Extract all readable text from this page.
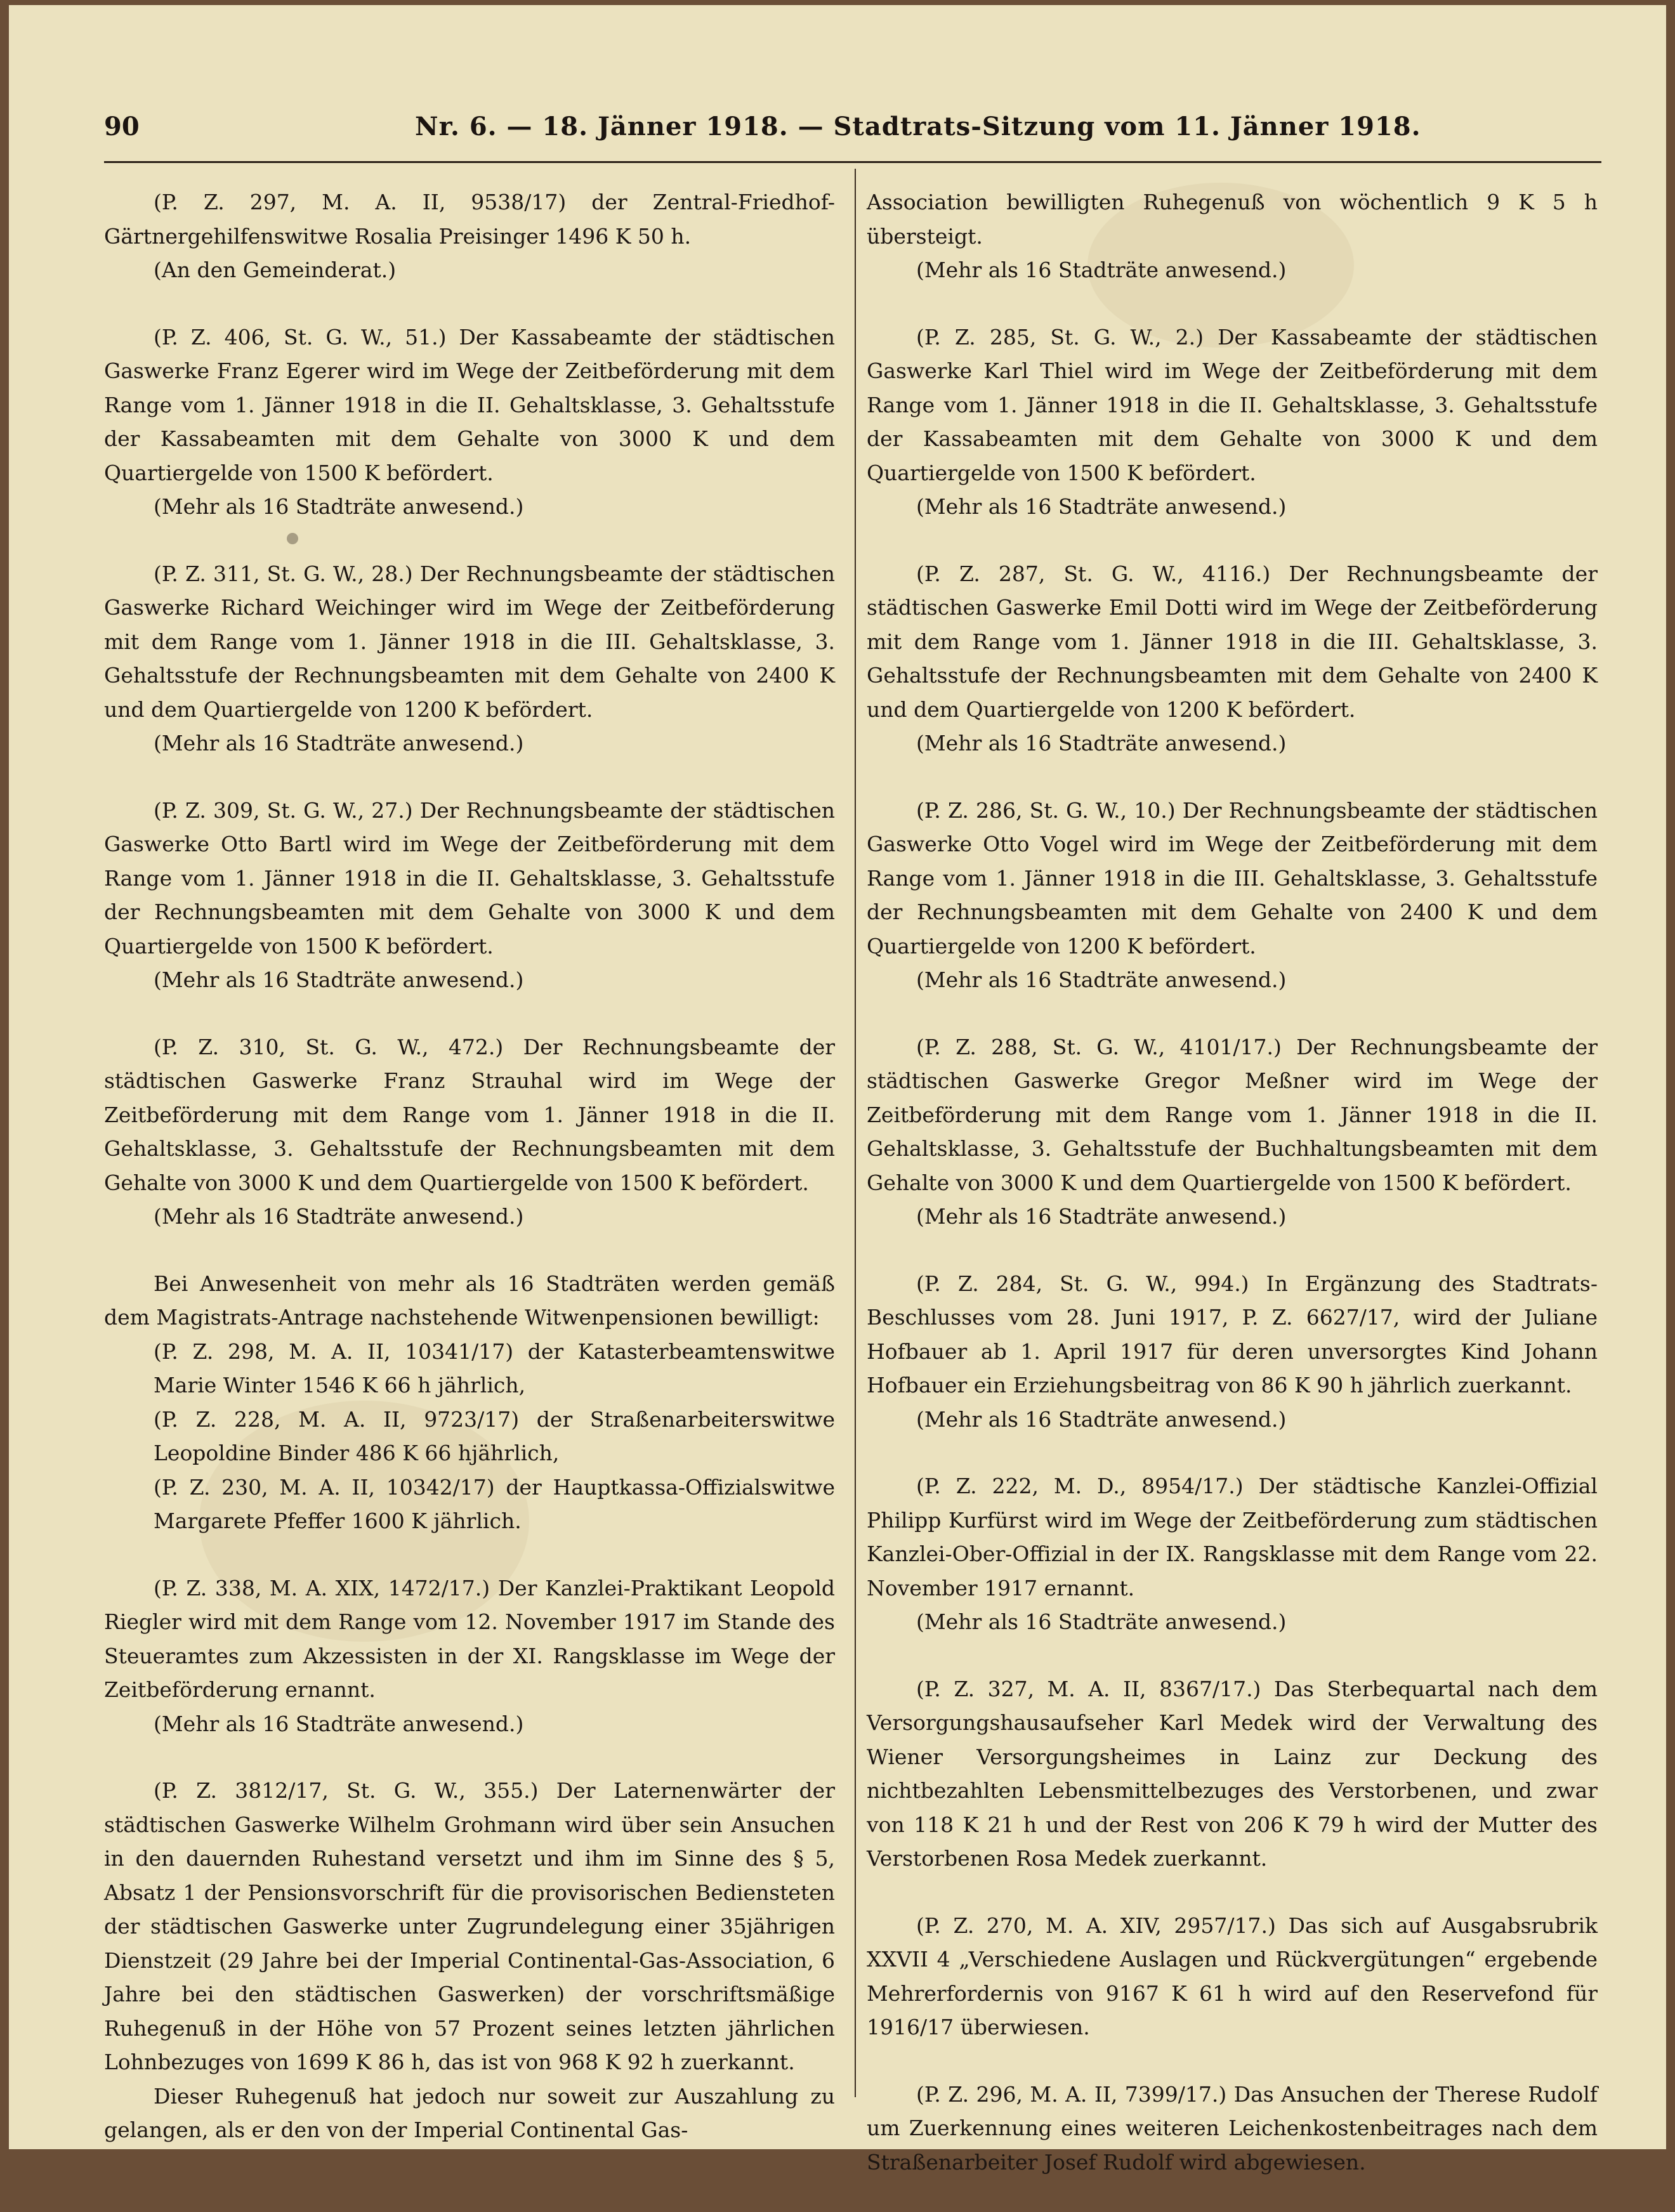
90	Nr. 6. — 18. Jänner 1918. — Stadtrats-Sitzung vom 11. Jänner 1918.

(P. Z. 297, M. A. II, 9538/17) der Zentral-Friedhof-Gärtnergehilfenswitwe Rosalia Preisinger 1496 K 50 h.

(An den Gemeinderat.)

(P. Z. 406, St. G. W., 51.) Der Kassabeamte der städtischen Gaswerke Franz Egerer wird im Wege der Zeitbeförderung mit dem Range vom 1. Jänner 1918 in die II. Gehaltsklasse, 3. Gehaltsstufe der Kassabeamten mit dem Gehalte von 3000 K und dem Quartiergelde von 1500 K befördert.

(Mehr als 16 Stadträte anwesend.)

(P. Z. 311, St. G. W., 28.) Der Rechnungsbeamte der städtischen Gaswerke Richard Weichinger wird im Wege der Zeitbeförderung mit dem Range vom 1. Jänner 1918 in die III. Gehaltsklasse, 3. Gehaltsstufe der Rechnungsbeamten mit dem Gehalte von 2400 K und dem Quartiergelde von 1200 K befördert.

(Mehr als 16 Stadträte anwesend.)

(P. Z. 309, St. G. W., 27.) Der Rechnungsbeamte der städtischen Gaswerke Otto Bartl wird im Wege der Zeitbeförderung mit dem Range vom 1. Jänner 1918 in die II. Gehaltsklasse, 3. Gehaltsstufe der Rechnungsbeamten mit dem Gehalte von 3000 K und dem Quartiergelde von 1500 K befördert.

(Mehr als 16 Stadträte anwesend.)

(P. Z. 310, St. G. W., 472.) Der Rechnungsbeamte der städtischen Gaswerke Franz Strauhal wird im Wege der Zeitbeförderung mit dem Range vom 1. Jänner 1918 in die II. Gehaltsklasse, 3. Gehaltsstufe der Rechnungsbeamten mit dem Gehalte von 3000 K und dem Quartiergelde von 1500 K befördert.

(Mehr als 16 Stadträte anwesend.)

Bei Anwesenheit von mehr als 16 Stadträten werden gemäß dem Magistrats-Antrage nachstehende Witwenpensionen bewilligt:

(P. Z. 298, M. A. II, 10341/17) der Katasterbeamtenswitwe Marie Winter 1546 K 66 h jährlich,

(P. Z. 228, M. A. II, 9723/17) der Straßenarbeiterswitwe Leopoldine Binder 486 K 66 hjährlich,

(P. Z. 230, M. A. II, 10342/17) der Hauptkassa-Offizialswitwe Margarete Pfeffer 1600 K jährlich.

(P. Z. 338, M. A. XIX, 1472/17.) Der Kanzlei-Praktikant Leopold Riegler wird mit dem Range vom 12. November 1917 im Stande des Steueramtes zum Akzessisten in der XI. Rangsklasse im Wege der Zeitbeförderung ernannt.

(Mehr als 16 Stadträte anwesend.)

(P. Z. 3812/17, St. G. W., 355.) Der Laternenwärter der städtischen Gaswerke Wilhelm Grohmann wird über sein Ansuchen in den dauernden Ruhestand versetzt und ihm im Sinne des § 5, Absatz 1 der Pensionsvorschrift für die provisorischen Bediensteten der städtischen Gaswerke unter Zugrundelegung einer 35jährigen Dienstzeit (29 Jahre bei der Imperial Continental-Gas-Association, 6 Jahre bei den städtischen Gaswerken) der vorschriftsmäßige Ruhegenuß in der Höhe von 57 Prozent seines letzten jährlichen Lohnbezuges von 1699 K 86 h, das ist von 968 K 92 h zuerkannt.

Dieser Ruhegenuß hat jedoch nur soweit zur Auszahlung zu gelangen, als er den von der Imperial Continental Gas-

Association bewilligten Ruhegenuß von wöchentlich 9 K 5 h übersteigt.

(Mehr als 16 Stadträte anwesend.)

(P. Z. 285, St. G. W., 2.) Der Kassabeamte der städtischen Gaswerke Karl Thiel wird im Wege der Zeitbeförderung mit dem Range vom 1. Jänner 1918 in die II. Gehaltsklasse, 3. Gehaltsstufe der Kassabeamten mit dem Gehalte von 3000 K und dem Quartiergelde von 1500 K befördert.

(Mehr als 16 Stadträte anwesend.)

(P. Z. 287, St. G. W., 4116.) Der Rechnungsbeamte der städtischen Gaswerke Emil Dotti wird im Wege der Zeitbeförderung mit dem Range vom 1. Jänner 1918 in die III. Gehaltsklasse, 3. Gehaltsstufe der Rechnungsbeamten mit dem Gehalte von 2400 K und dem Quartiergelde von 1200 K befördert.

(Mehr als 16 Stadträte anwesend.)

(P. Z. 286, St. G. W., 10.) Der Rechnungsbeamte der städtischen Gaswerke Otto Vogel wird im Wege der Zeitbeförderung mit dem Range vom 1. Jänner 1918 in die III. Gehaltsklasse, 3. Gehaltsstufe der Rechnungsbeamten mit dem Gehalte von 2400 K und dem Quartiergelde von 1200 K befördert.

(Mehr als 16 Stadträte anwesend.)

(P. Z. 288, St. G. W., 4101/17.) Der Rechnungsbeamte der städtischen Gaswerke Gregor Meßner wird im Wege der Zeitbeförderung mit dem Range vom 1. Jänner 1918 in die II. Gehaltsklasse, 3. Gehaltsstufe der Buchhaltungsbeamten mit dem Gehalte von 3000 K und dem Quartiergelde von 1500 K befördert.

(Mehr als 16 Stadträte anwesend.)

(P. Z. 284, St. G. W., 994.) In Ergänzung des Stadtrats-Beschlusses vom 28. Juni 1917, P. Z. 6627/17, wird der Juliane Hofbauer ab 1. April 1917 für deren unversorgtes Kind Johann Hofbauer ein Erziehungsbeitrag von 86 K 90 h jährlich zuerkannt.

(Mehr als 16 Stadträte anwesend.)

(P. Z. 222, M. D., 8954/17.) Der städtische Kanzlei-Offizial Philipp Kurfürst wird im Wege der Zeitbeförderung zum städtischen Kanzlei-Ober-Offizial in der IX. Rangsklasse mit dem Range vom 22. November 1917 ernannt.

(Mehr als 16 Stadträte anwesend.)

(P. Z. 327, M. A. II, 8367/17.) Das Sterbequartal nach dem Versorgungshausaufseher Karl Medek wird der Verwaltung des Wiener Versorgungsheimes in Lainz zur Deckung des nichtbezahlten Lebensmittelbezuges des Verstorbenen, und zwar von 118 K 21 h und der Rest von 206 K 79 h wird der Mutter des Verstorbenen Rosa Medek zuerkannt.

(P. Z. 270, M. A. XIV, 2957/17.) Das sich auf Ausgabsrubrik XXVII 4 „Verschiedene Auslagen und Rückvergütungen“ ergebende Mehrerfordernis von 9167 K 61 h wird auf den Reservefond für 1916/17 überwiesen.

(P. Z. 296, M. A. II, 7399/17.) Das Ansuchen der Therese Rudolf um Zuerkennung eines weiteren Leichenkostenbeitrages nach dem Straßenarbeiter Josef Rudolf wird abgewiesen.
